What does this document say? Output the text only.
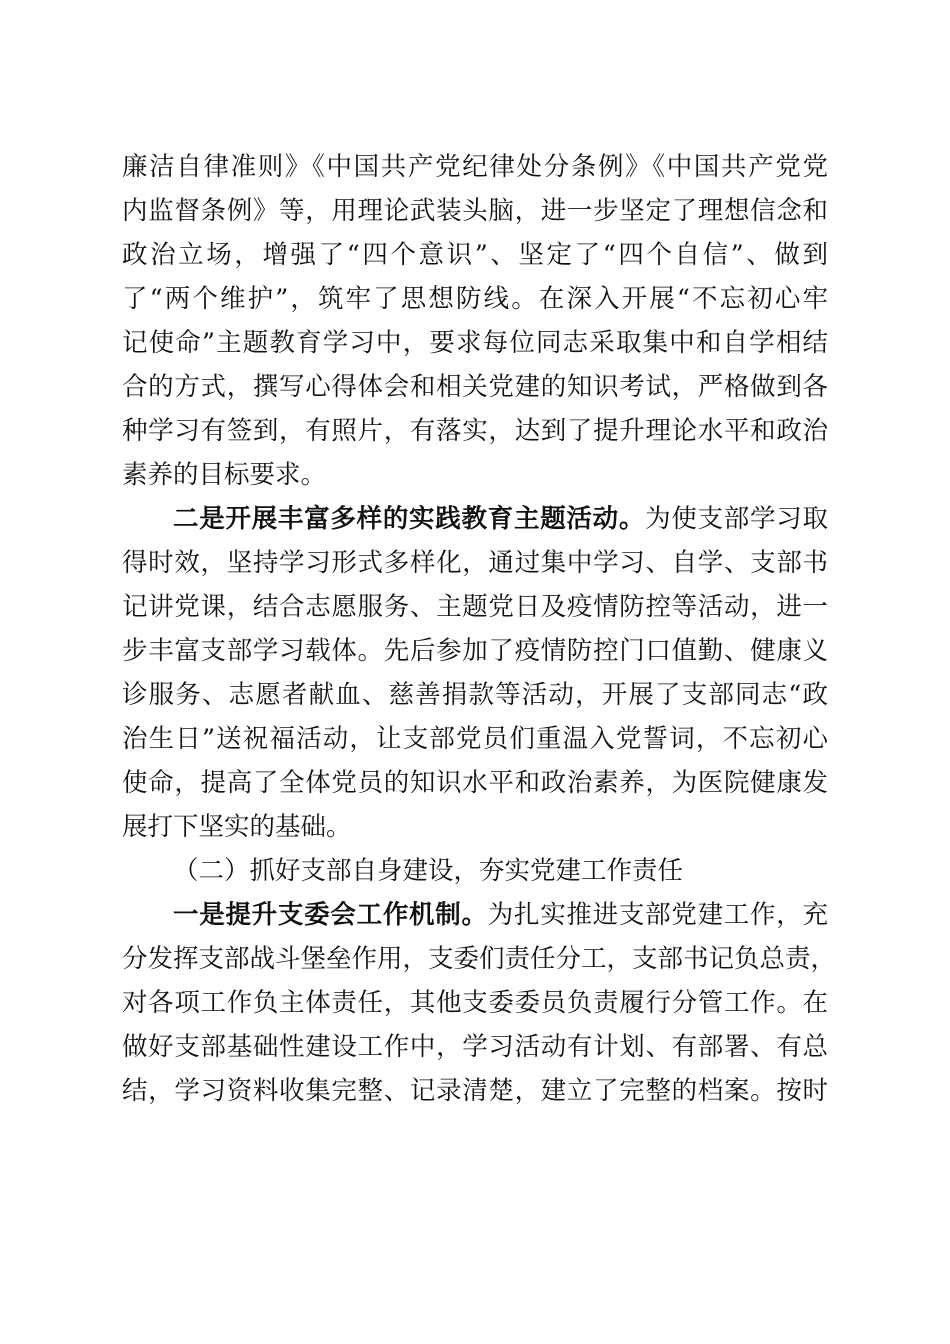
廉洁自律准则》《中国共产党纪律处分条例》《中国共产党党
内监督条例》等，用理论武装头脑，进一步坚定了理想信念和
政治立场，增强了“四个意识”、坚定了“四个自信”、做到
了“两个维护”，筑牢了思想防线。在深入开展“不忘初心牢
记使命”主题教育学习中，要求每位同志采取集中和自学相结
合的方式，撰写心得体会和相关党建的知识考试，严格做到各
种学习有签到，有照片，有落实，达到了提升理论水平和政治
素养的目标要求。
二是开展丰富多样的实践教育主题活动。为使支部学习取
得时效，坚持学习形式多样化，通过集中学习、自学、支部书
记讲党课，结合志愿服务、主题党日及疫情防控等活动，进一
步丰富支部学习载体。先后参加了疫情防控门口值勤、健康义
诊服务、志愿者献血、慈善捐款等活动，开展了支部同志“政
治生日”送祝福活动，让支部党员们重温入党誓词，不忘初心
使命，提高了全体党员的知识水平和政治素养，为医院健康发
展打下坚实的基础。
（二）抓好支部自身建设，夯实党建工作责任
一是提升支委会工作机制。为扎实推进支部党建工作，充
分发挥支部战斗堡垒作用，支委们责任分工，支部书记负总责，
对各项工作负主体责任，其他支委委员负责履行分管工作。在
做好支部基础性建设工作中，学习活动有计划、有部署、有总
结，学习资料收集完整、记录清楚，建立了完整的档案。按时
